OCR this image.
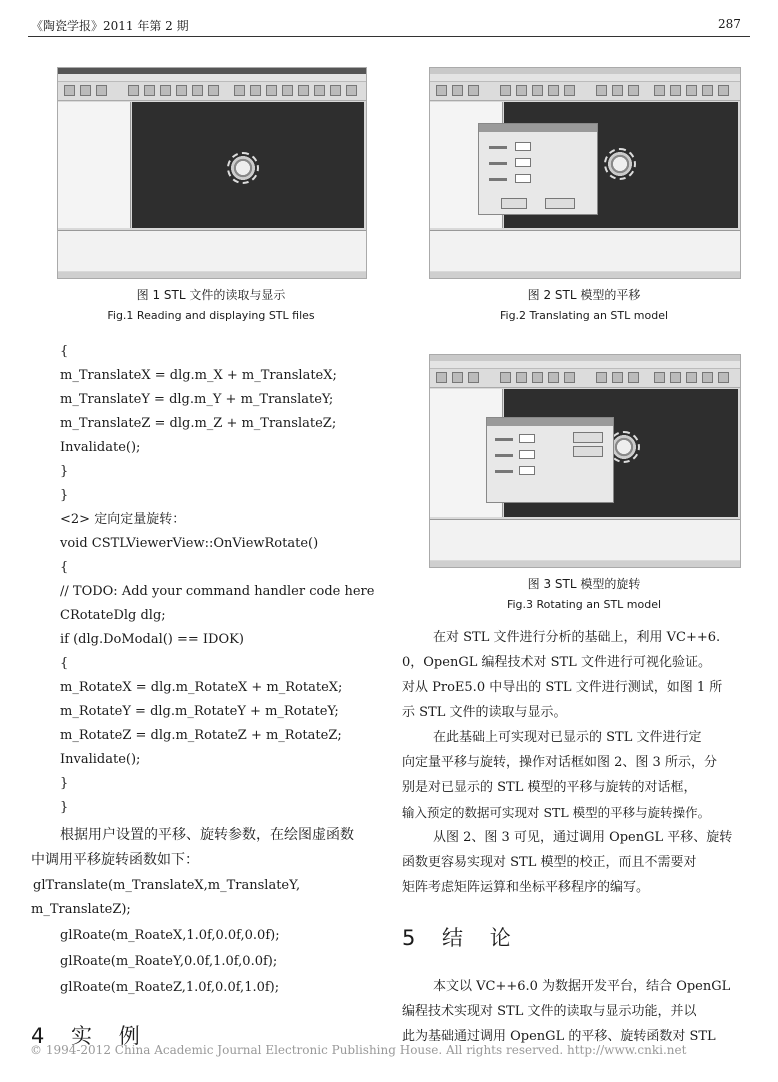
《陶瓷学报》2011 年第 2 期	287
图 1 STL 文件的读取与显示
Fig.1 Reading and displaying STL files
图 2 STL 模型的平移
Fig.2 Translating an STL model
图 3 STL 模型的旋转
Fig.3 Rotating an STL model
{
m_TranslateX = dlg.m_X + m_TranslateX;
m_TranslateY = dlg.m_Y + m_TranslateY;
m_TranslateZ = dlg.m_Z + m_TranslateZ;
Invalidate();
}
}
<2> 定向定量旋转：
void CSTLViewerView::OnViewRotate()
{
// TODO: Add your command handler code here
CRotateDlg dlg;
if (dlg.DoModal() == IDOK)
{
m_RotateX = dlg.m_RotateX + m_RotateX;
m_RotateY = dlg.m_RotateY + m_RotateY;
m_RotateZ = dlg.m_RotateZ + m_RotateZ;
Invalidate();
}
}
根据用户设置的平移、旋转参数，在绘图虚函数
中调用平移旋转函数如下：
glTranslate(m_TranslateX,m_TranslateY,
m_TranslateZ);
glRoate(m_RoateX,1.0f,0.0f,0.0f);
glRoate(m_RoateY,0.0f,1.0f,0.0f);
glRoate(m_RoateZ,1.0f,0.0f,1.0f);
4 实 例
在对 STL 文件进行分析的基础上，利用 VC++6.
0，OpenGL 编程技术对 STL 文件进行可视化验证。
对从 ProE5.0 中导出的 STL 文件进行测试，如图 1 所
示 STL 文件的读取与显示。
在此基础上可实现对已显示的 STL 文件进行定
向定量平移与旋转，操作对话框如图 2、图 3 所示，分
别是对已显示的 STL 模型的平移与旋转的对话框，
输入预定的数据可实现对 STL 模型的平移与旋转操作。
从图 2、图 3 可见，通过调用 OpenGL 平移、旋转
函数更容易实现对 STL 模型的校正，而且不需要对
矩阵考虑矩阵运算和坐标平移程序的编写。
5 结 论
本文以 VC++6.0 为数据开发平台，结合 OpenGL
编程技术实现对 STL 文件的读取与显示功能，并以
此为基础通过调用 OpenGL 的平移、旋转函数对 STL
© 1994-2012 China Academic Journal Electronic Publishing House. All rights reserved. http://www.cnki.net
